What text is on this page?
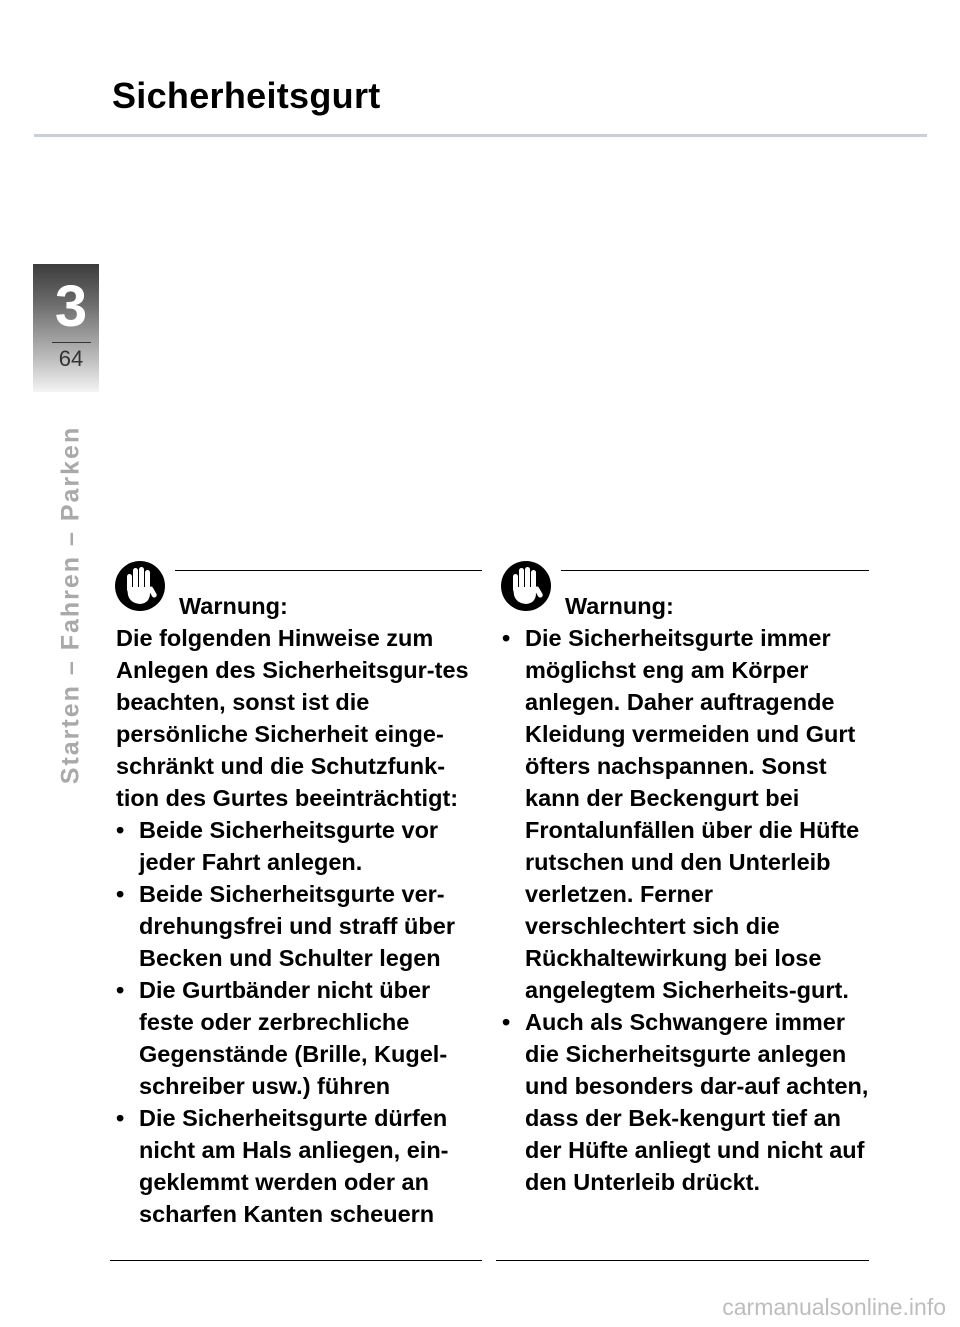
Sicherheitsgurt
3
64
Starten – Fahren – Parken	Warnung:

Die folgenden Hinweise zum Anlegen des Sicherheitsgur-tes beachten, sonst ist die persönliche Sicherheit einge-schränkt und die Schutzfunk-tion des Gurtes beeinträchtigt:

• Beide Sicherheitsgurte vor jeder Fahrt anlegen.
• Beide Sicherheitsgurte ver-drehungsfrei und straff über Becken und Schulter legen
• Die Gurtbänder nicht über feste oder zerbrechliche Gegenstände (Brille, Kugel-schreiber usw.) führen
• Die Sicherheitsgurte dürfen nicht am Hals anliegen, ein-geklemmt werden oder an scharfen Kanten scheuern
Warnung:
• Die Sicherheitsgurte immer möglichst eng am Körper anlegen. Daher auftragende Kleidung vermeiden und Gurt öfters nachspannen. Sonst kann der Beckengurt bei Frontalunfällen über die Hüfte rutschen und den Unterleib verletzen. Ferner verschlechtert sich die Rückhaltewirkung bei lose angelegtem Sicherheits-gurt.
• Auch als Schwangere immer die Sicherheitsgurte anlegen und besonders dar-auf achten, dass der Bek-kengurt tief an der Hüfte anliegt und nicht auf den Unterleib drückt.
carmanualsonline.info
